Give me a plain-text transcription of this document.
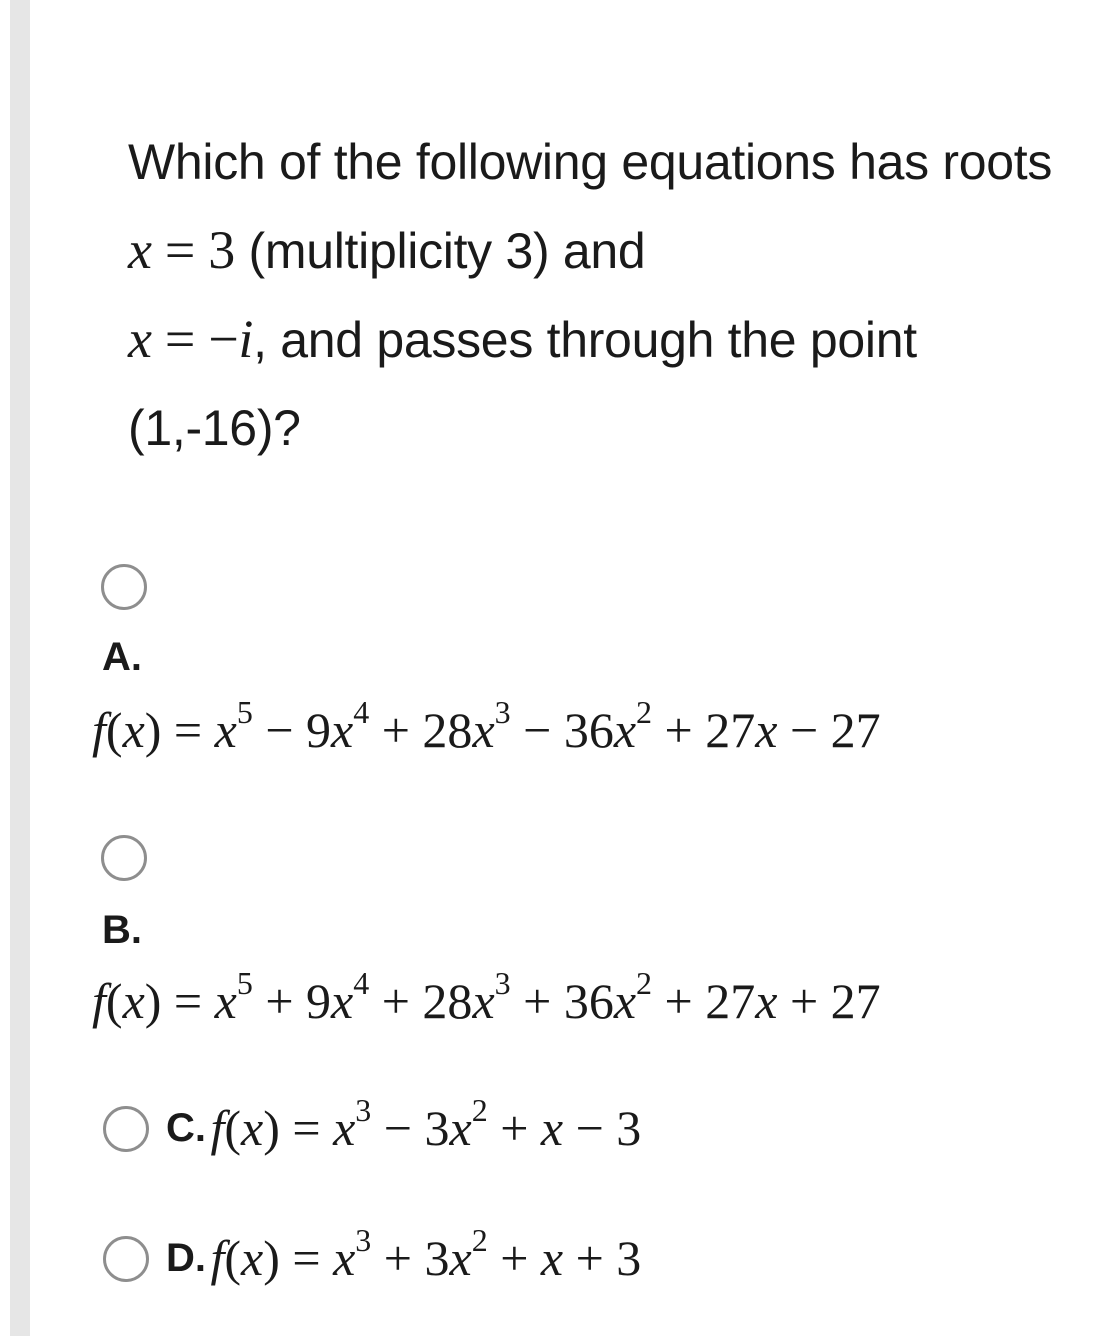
Which of the following equations has roots x = 3 (multiplicity 3) and
x = −i, and passes through the point (1,-16)?
A.
$f(x) = x^5 - 9x^4 + 28x^3 - 36x^2 + 27x - 27$
B.
$f(x) = x^5 + 9x^4 + 28x^3 + 36x^2 + 27x + 27$
C. $f(x) = x^3 - 3x^2 + x - 3$
D. $f(x) = x^3 + 3x^2 + x + 3$
